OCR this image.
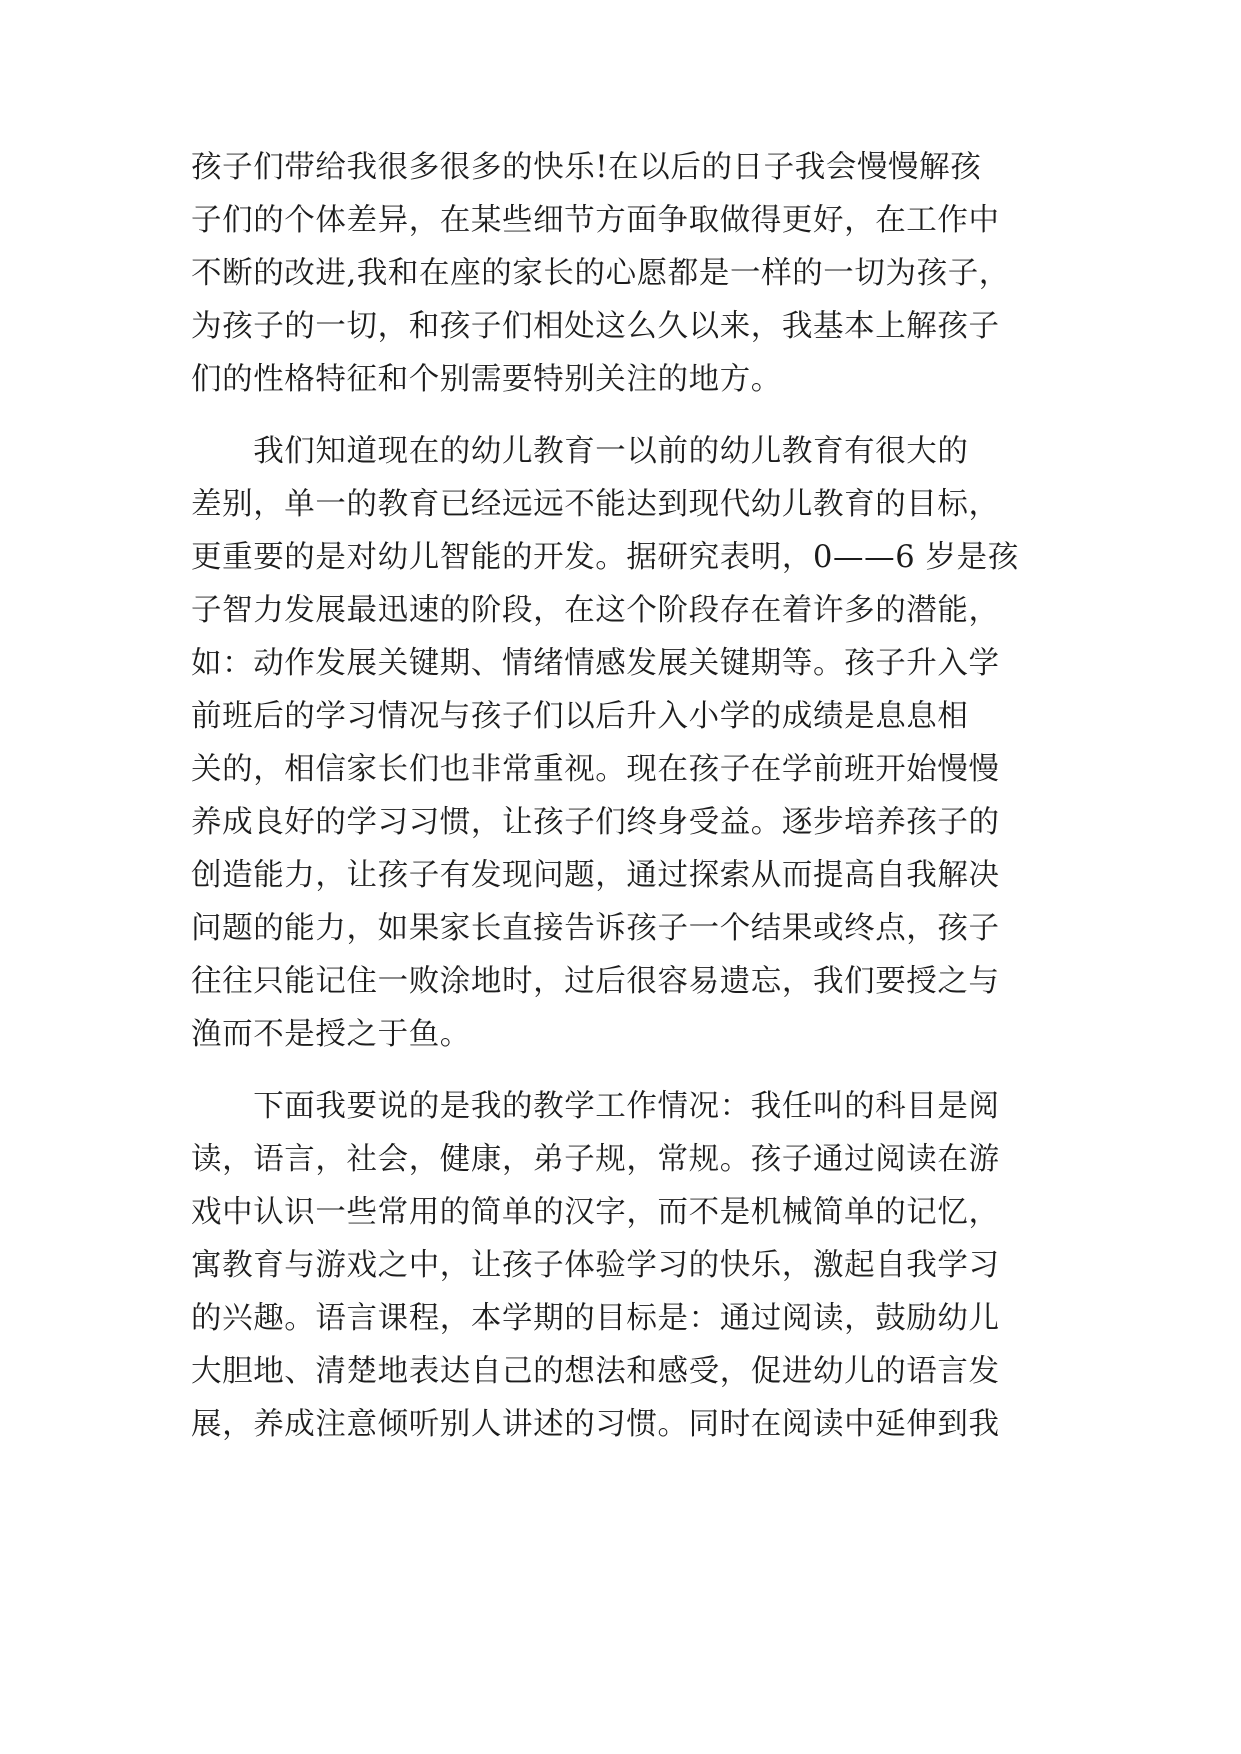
孩子们带给我很多很多的快乐!在以后的日子我会慢慢解孩
子们的个体差异，在某些细节方面争取做得更好，在工作中
不断的改进,我和在座的家长的心愿都是一样的一切为孩子，
为孩子的一切，和孩子们相处这么久以来，我基本上解孩子
们的性格特征和个别需要特别关注的地方。
　　我们知道现在的幼儿教育一以前的幼儿教育有很大的
差别，单一的教育已经远远不能达到现代幼儿教育的目标，
更重要的是对幼儿智能的开发。据研究表明，0——6 岁是孩
子智力发展最迅速的阶段，在这个阶段存在着许多的潜能，
如：动作发展关键期、情绪情感发展关键期等。孩子升入学
前班后的学习情况与孩子们以后升入小学的成绩是息息相
关的，相信家长们也非常重视。现在孩子在学前班开始慢慢
养成良好的学习习惯，让孩子们终身受益。逐步培养孩子的
创造能力，让孩子有发现问题，通过探索从而提高自我解决
问题的能力，如果家长直接告诉孩子一个结果或终点，孩子
往往只能记住一败涂地时，过后很容易遗忘，我们要授之与
渔而不是授之于鱼。
　　下面我要说的是我的教学工作情况：我任叫的科目是阅
读，语言，社会，健康，弟子规，常规。孩子通过阅读在游
戏中认识一些常用的简单的汉字，而不是机械简单的记忆，
寓教育与游戏之中，让孩子体验学习的快乐，激起自我学习
的兴趣。语言课程，本学期的目标是：通过阅读，鼓励幼儿
大胆地、清楚地表达自己的想法和感受，促进幼儿的语言发
展，养成注意倾听别人讲述的习惯。同时在阅读中延伸到我
